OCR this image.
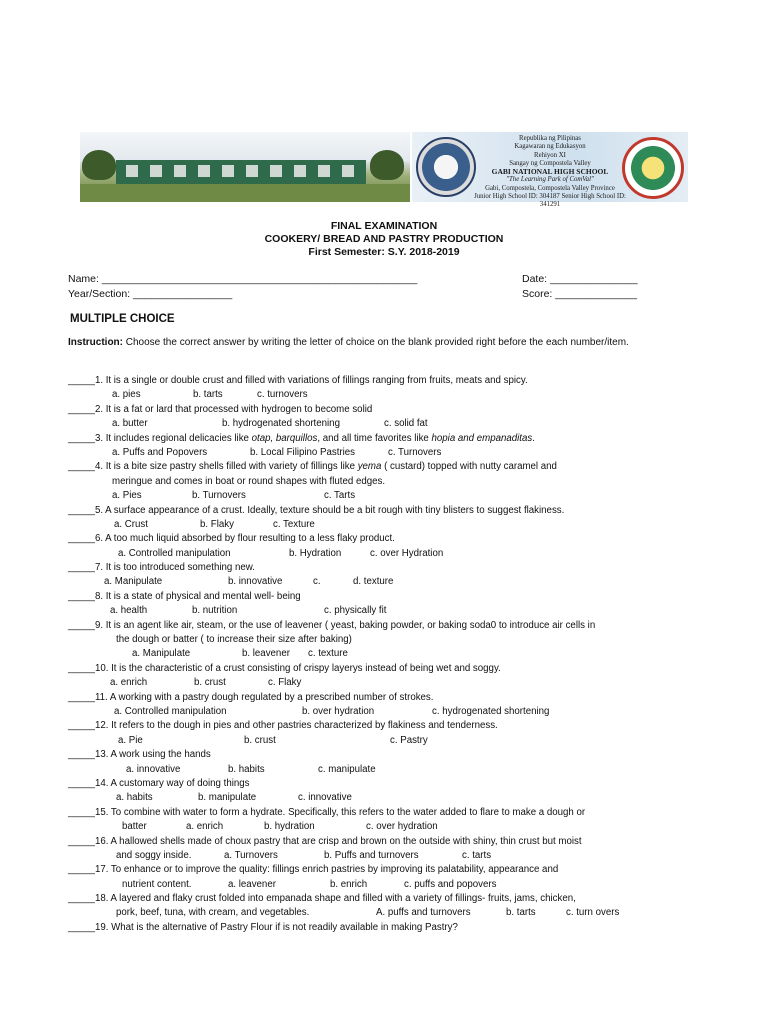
Republika ng Pilipinas
Kagawaran ng Edukasyon
Rehiyon XI
Sangay ng Compostela Valley
GABI NATIONAL HIGH SCHOOL
"The Learning Park of ComVal"
Gabi, Compostela, Compostela Valley Province
Junior High School ID: 304187 Senior High School ID: 341291
FINAL EXAMINATION
COOKERY/ BREAD AND PASTRY PRODUCTION
First Semester: S.Y. 2018-2019
Name: ______________________________________________________	Date: _______________
Year/Section: _________________	Score: ______________
MULTIPLE CHOICE
Instruction: Choose the correct answer by writing the letter of choice on the blank provided right before the each number/item.
_____1. It is a single or double crust and filled with variations of fillings ranging from fruits, meats and spicy.
a. pies	b. tarts	c. turnovers
_____2. It is a fat or lard that processed with hydrogen to become solid
a. butter	b. hydrogenated shortening	c. solid fat
_____3. It includes regional delicacies like otap, barquillos, and all time favorites like hopia and empanaditas.
a. Puffs and Popovers	b. Local Filipino Pastries	c. Turnovers
_____4. It is a bite size pastry shells filled with variety of fillings like yema ( custard) topped with nutty caramel and
meringue and comes in boat or round shapes with fluted edges.
a. Pies	b. Turnovers	c. Tarts
_____5. A surface appearance of a crust. Ideally, texture should be a bit rough with tiny blisters to suggest flakiness.
a. Crust	b. Flaky	c. Texture
_____6. A too much liquid absorbed by flour resulting to a less flaky product.
a. Controlled manipulation	b. Hydration	c. over Hydration
_____7. It is too introduced something new.
a. Manipulate	b. innovative	c.	d. texture
_____8. It is a state of physical and mental well- being
a. health	b. nutrition	c. physically fit
_____9. It is an agent like air, steam, or the use of leavener ( yeast, baking powder, or baking soda0 to introduce air cells in
the dough or batter ( to increase their size after baking)
a. Manipulate	b. leavener c. texture
_____10. It is the characteristic of a crust consisting of crispy layerys instead of being wet and soggy.
a. enrich	b. crust	c. Flaky
_____11. A working with a pastry dough regulated by a prescribed number of strokes.
a. Controlled manipulation	b. over hydration	c. hydrogenated shortening
_____12. It refers to the dough in pies and other pastries characterized by flakiness and tenderness.
a. Pie	b. crust	c. Pastry
_____13. A work using the hands
a. innovative	b. habits	c. manipulate
_____14. A customary way of doing things
a. habits	b. manipulate	c. innovative
_____15. To combine with water to form a hydrate. Specifically, this refers to the water added to flare to make a dough or
batter	a. enrich	b. hydration	c. over hydration
_____16. A hallowed shells made of choux pastry that are crisp and brown on the outside with shiny, thin crust but moist
and soggy inside.	a. Turnovers	b. Puffs and turnovers	c. tarts
_____17. To enhance or to improve the quality: fillings enrich pastries by improving its palatability, appearance and
nutrient content.	a. leavener	b. enrich	c. puffs and popovers
_____18. A layered and flaky crust folded into empanada shape and filled with a variety of fillings- fruits, jams, chicken,
pork, beef, tuna, with cream, and vegetables.	A. puffs and turnovers	b. tarts	c. turn overs
_____19. What is the alternative of Pastry Flour if is not readily available in making Pastry?
